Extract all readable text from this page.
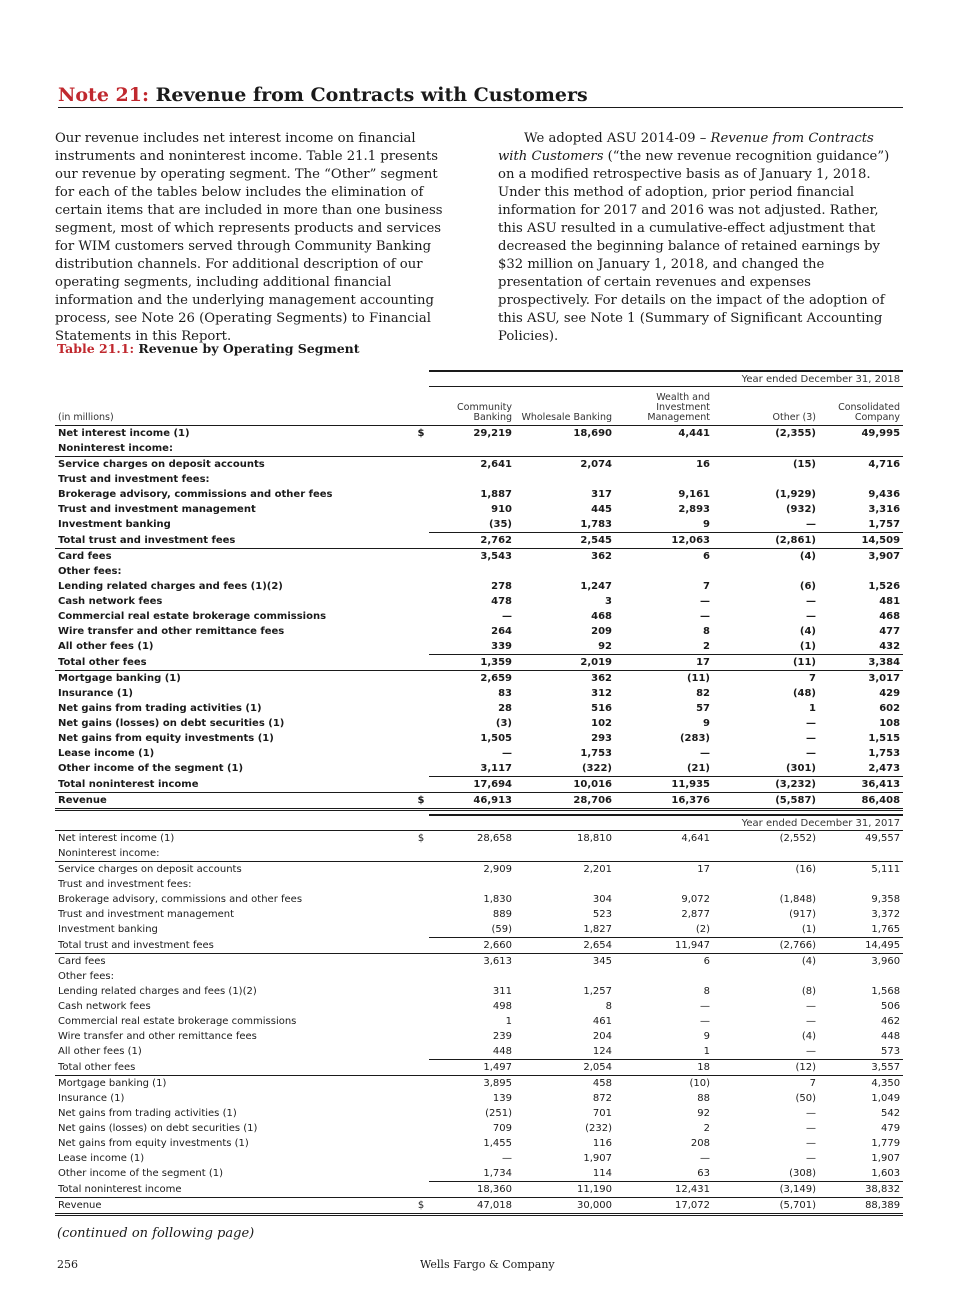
Note 21: Revenue from Contracts with Customers

Our revenue includes net interest income on financial instruments and noninterest income. Table 21.1 presents our revenue by operating segment. The “Other” segment for each of the tables below includes the elimination of certain items that are included in more than one business segment, most of which represents products and services for WIM customers served through Community Banking distribution channels. For additional description of our operating segments, including additional financial information and the underlying management accounting process, see Note 26 (Operating Segments) to Financial Statements in this Report.

We adopted ASU 2014-09 – Revenue from Contracts with Customers (“the new revenue recognition guidance”) on a modified retrospective basis as of January 1, 2018. Under this method of adoption, prior period financial information for 2017 and 2016 was not adjusted. Rather, this ASU resulted in a cumulative-effect adjustment that decreased the beginning balance of retained earnings by $32 million on January 1, 2018, and changed the presentation of certain revenues and expenses prospectively. For details on the impact of the adoption of this ASU, see Note 1 (Summary of Significant Accounting Policies).

Table 21.1: Revenue by Operating Segment
		Year ended December 31, 2018				
(in millions)		Community Banking	Wholesale Banking	Wealth and Investment Management	Other (3)	Consolidated Company
Net interest income (1)	$	29,219	18,690	4,441	(2,355)	49,995
Noninterest income:						
Service charges on deposit accounts		2,641	2,074	16	(15)	4,716
Trust and investment fees:						
Brokerage advisory, commissions and other fees		1,887	317	9,161	(1,929)	9,436
Trust and investment management		910	445	2,893	(932)	3,316
Investment banking		(35)	1,783	9	—	1,757
Total trust and investment fees		2,762	2,545	12,063	(2,861)	14,509
Card fees		3,543	362	6	(4)	3,907
Other fees:						
Lending related charges and fees (1)(2)		278	1,247	7	(6)	1,526
Cash network fees		478	3	—	—	481
Commercial real estate brokerage commissions		—	468	—	—	468
Wire transfer and other remittance fees		264	209	8	(4)	477
All other fees (1)		339	92	2	(1)	432
Total other fees		1,359	2,019	17	(11)	3,384
Mortgage banking (1)		2,659	362	(11)	7	3,017
Insurance (1)		83	312	82	(48)	429
Net gains from trading activities (1)		28	516	57	1	602
Net gains (losses) on debt securities (1)		(3)	102	9	—	108
Net gains from equity investments (1)		1,505	293	(283)	—	1,515
Lease income (1)		—	1,753	—	—	1,753
Other income of the segment (1)		3,117	(322)	(21)	(301)	2,473
Total noninterest income		17,694	10,016	11,935	(3,232)	36,413
Revenue	$	46,913	28,706	16,376	(5,587)	86,408

		Year ended December 31, 2017				
Net interest income (1)	$	28,658	18,810	4,641	(2,552)	49,557
Noninterest income:						
Service charges on deposit accounts		2,909	2,201	17	(16)	5,111
Trust and investment fees:						
Brokerage advisory, commissions and other fees		1,830	304	9,072	(1,848)	9,358
Trust and investment management		889	523	2,877	(917)	3,372
Investment banking		(59)	1,827	(2)	(1)	1,765
Total trust and investment fees		2,660	2,654	11,947	(2,766)	14,495
Card fees		3,613	345	6	(4)	3,960
Other fees:						
Lending related charges and fees (1)(2)		311	1,257	8	(8)	1,568
Cash network fees		498	8	—	—	506
Commercial real estate brokerage commissions		1	461	—	—	462
Wire transfer and other remittance fees		239	204	9	(4)	448
All other fees (1)		448	124	1	—	573
Total other fees		1,497	2,054	18	(12)	3,557
Mortgage banking (1)		3,895	458	(10)	7	4,350
Insurance (1)		139	872	88	(50)	1,049
Net gains from trading activities (1)		(251)	701	92	—	542
Net gains (losses) on debt securities (1)		709	(232)	2	—	479
Net gains from equity investments (1)		1,455	116	208	—	1,779
Lease income (1)		—	1,907	—	—	1,907
Other income of the segment (1)		1,734	114	63	(308)	1,603
Total noninterest income		18,360	11,190	12,431	(3,149)	38,832
Revenue	$	47,018	30,000	17,072	(5,701)	88,389
(continued on following page)
256	Wells Fargo & Company
